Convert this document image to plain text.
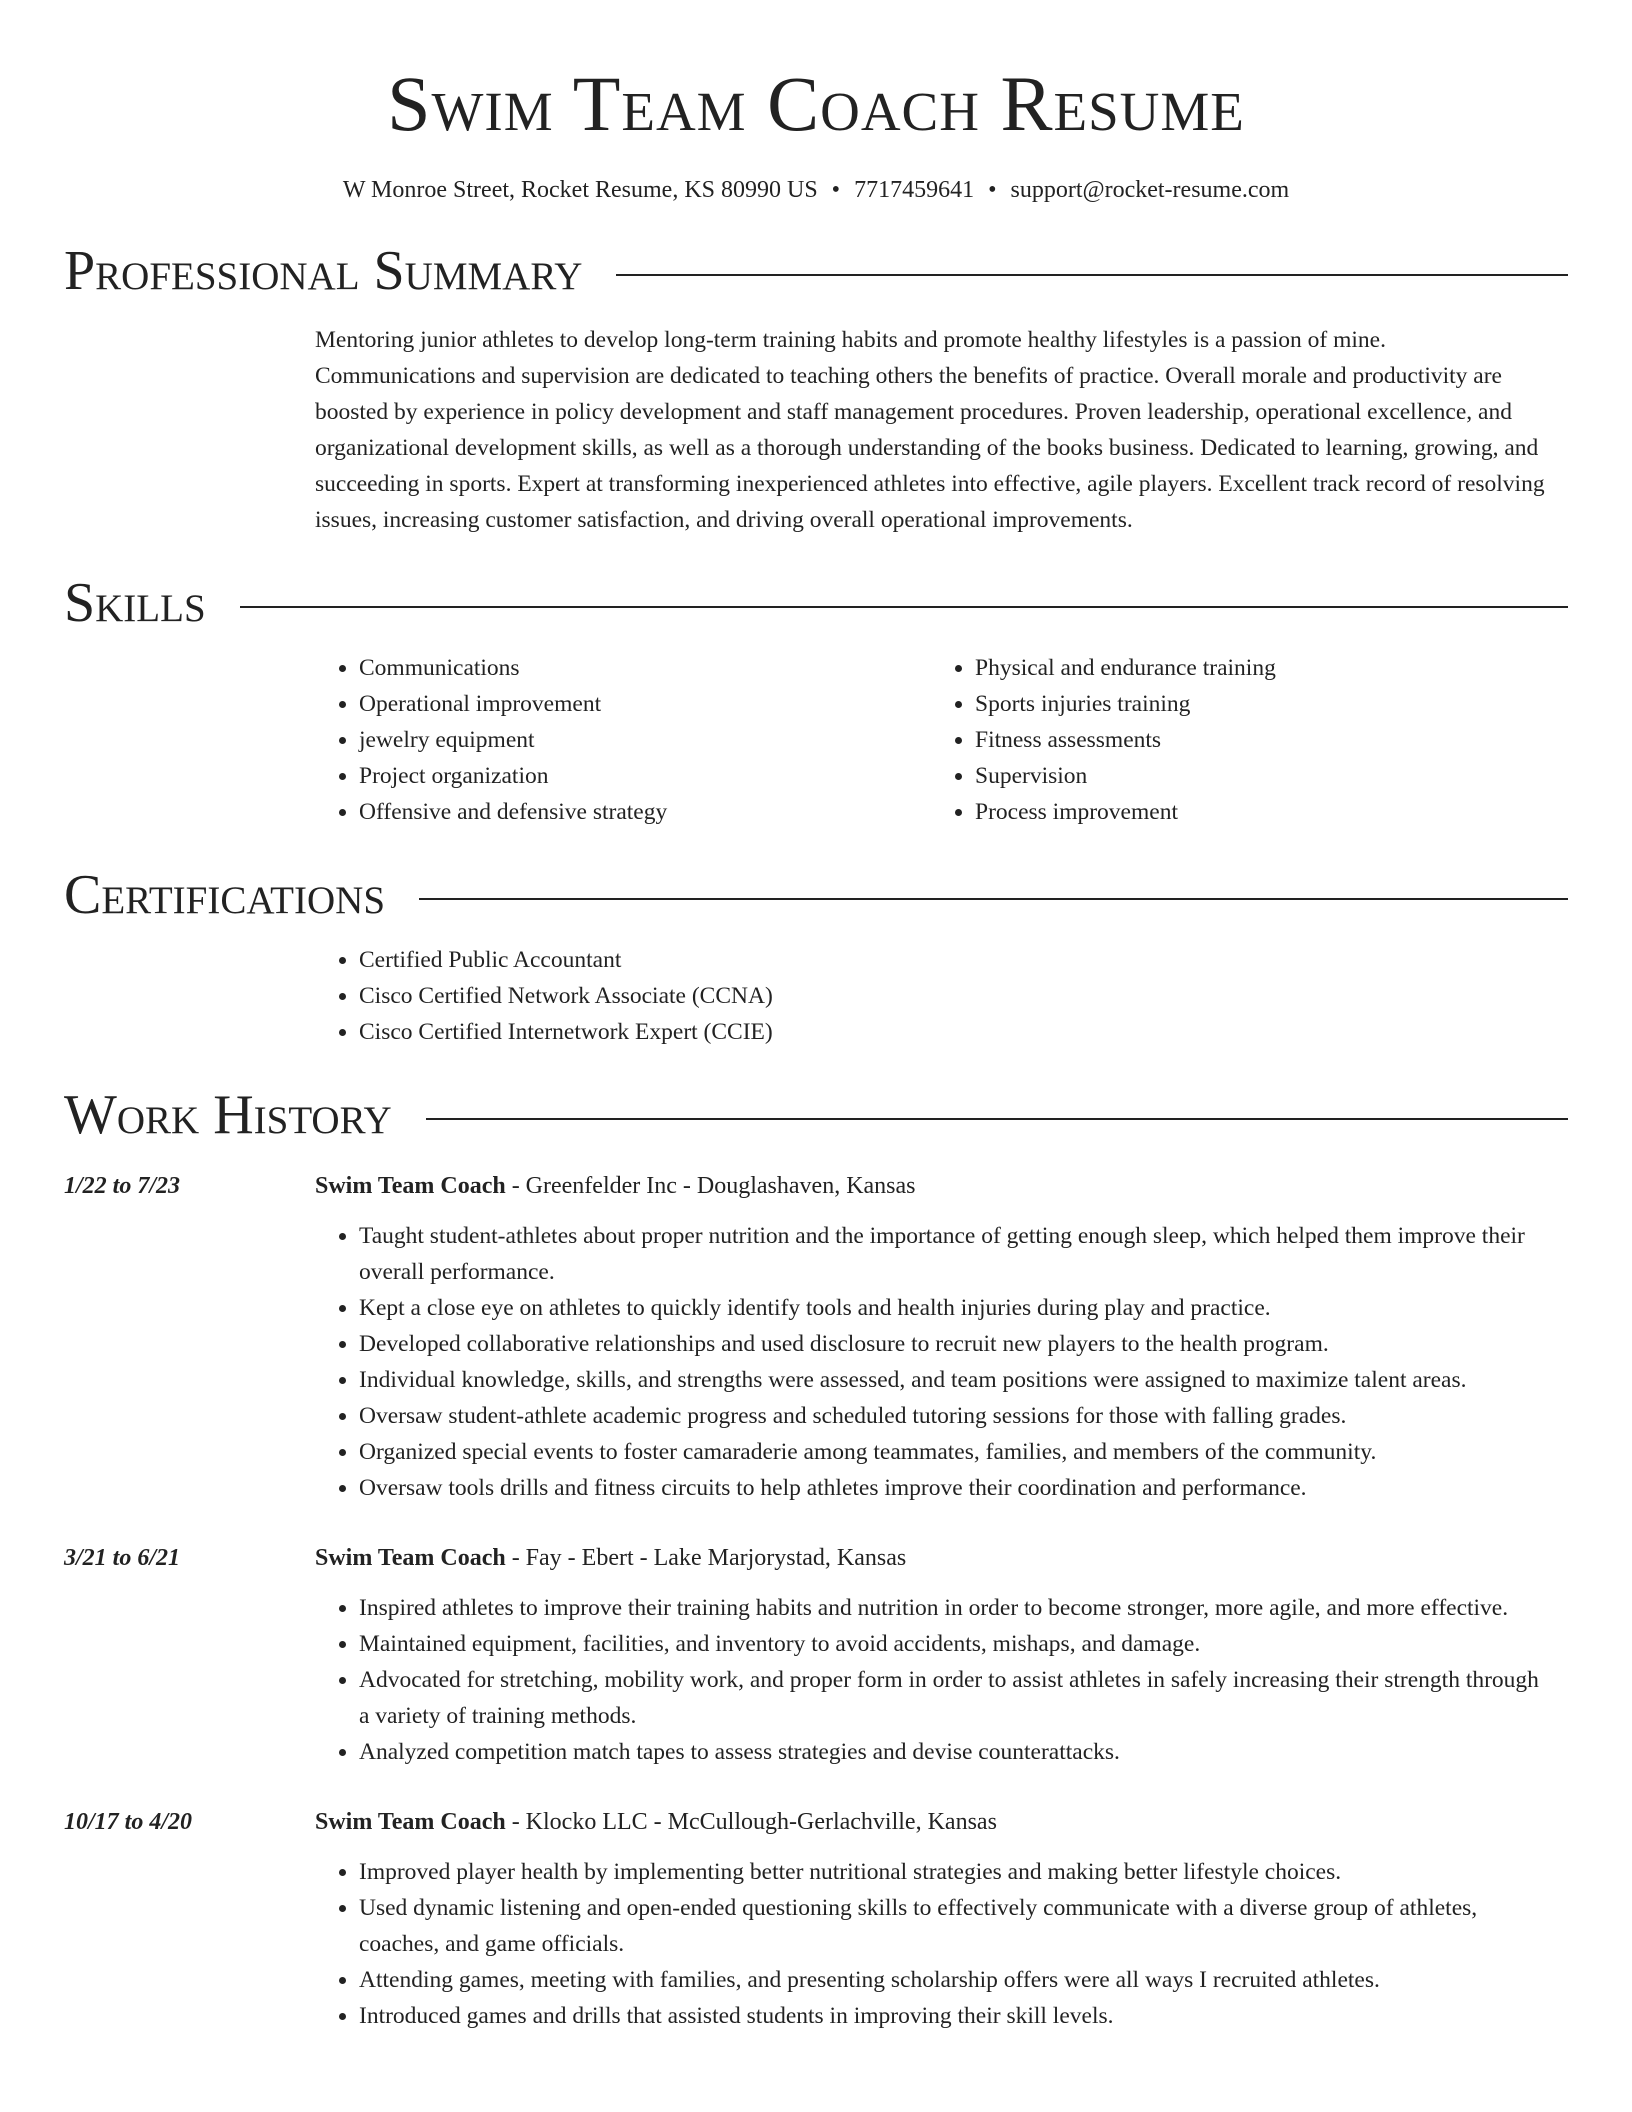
Swim Team Coach Resume
W Monroe Street, Rocket Resume, KS 80990 US • 7717459641 • support@rocket-resume.com
Professional Summary
Mentoring junior athletes to develop long-term training habits and promote healthy lifestyles is a passion of mine. Communications and supervision are dedicated to teaching others the benefits of practice. Overall morale and productivity are boosted by experience in policy development and staff management procedures. Proven leadership, operational excellence, and organizational development skills, as well as a thorough understanding of the books business. Dedicated to learning, growing, and succeeding in sports. Expert at transforming inexperienced athletes into effective, agile players. Excellent track record of resolving issues, increasing customer satisfaction, and driving overall operational improvements.
Skills
• Communications
• Operational improvement
• jewelry equipment
• Project organization
• Offensive and defensive strategy
• Physical and endurance training
• Sports injuries training
• Fitness assessments
• Supervision
• Process improvement
Certifications
• Certified Public Accountant
• Cisco Certified Network Associate (CCNA)
• Cisco Certified Internetwork Expert (CCIE)
Work History
1/22 to 7/23	Swim Team Coach - Greenfelder Inc - Douglashaven, Kansas
• Taught student-athletes about proper nutrition and the importance of getting enough sleep, which helped them improve their overall performance.
• Kept a close eye on athletes to quickly identify tools and health injuries during play and practice.
• Developed collaborative relationships and used disclosure to recruit new players to the health program.
• Individual knowledge, skills, and strengths were assessed, and team positions were assigned to maximize talent areas.
• Oversaw student-athlete academic progress and scheduled tutoring sessions for those with falling grades.
• Organized special events to foster camaraderie among teammates, families, and members of the community.
• Oversaw tools drills and fitness circuits to help athletes improve their coordination and performance.
3/21 to 6/21	Swim Team Coach - Fay - Ebert - Lake Marjorystad, Kansas
• Inspired athletes to improve their training habits and nutrition in order to become stronger, more agile, and more effective.
• Maintained equipment, facilities, and inventory to avoid accidents, mishaps, and damage.
• Advocated for stretching, mobility work, and proper form in order to assist athletes in safely increasing their strength through a variety of training methods.
• Analyzed competition match tapes to assess strategies and devise counterattacks.
10/17 to 4/20	Swim Team Coach - Klocko LLC - McCullough-Gerlachville, Kansas
• Improved player health by implementing better nutritional strategies and making better lifestyle choices.
• Used dynamic listening and open-ended questioning skills to effectively communicate with a diverse group of athletes, coaches, and game officials.
• Attending games, meeting with families, and presenting scholarship offers were all ways I recruited athletes.
• Introduced games and drills that assisted students in improving their skill levels.
